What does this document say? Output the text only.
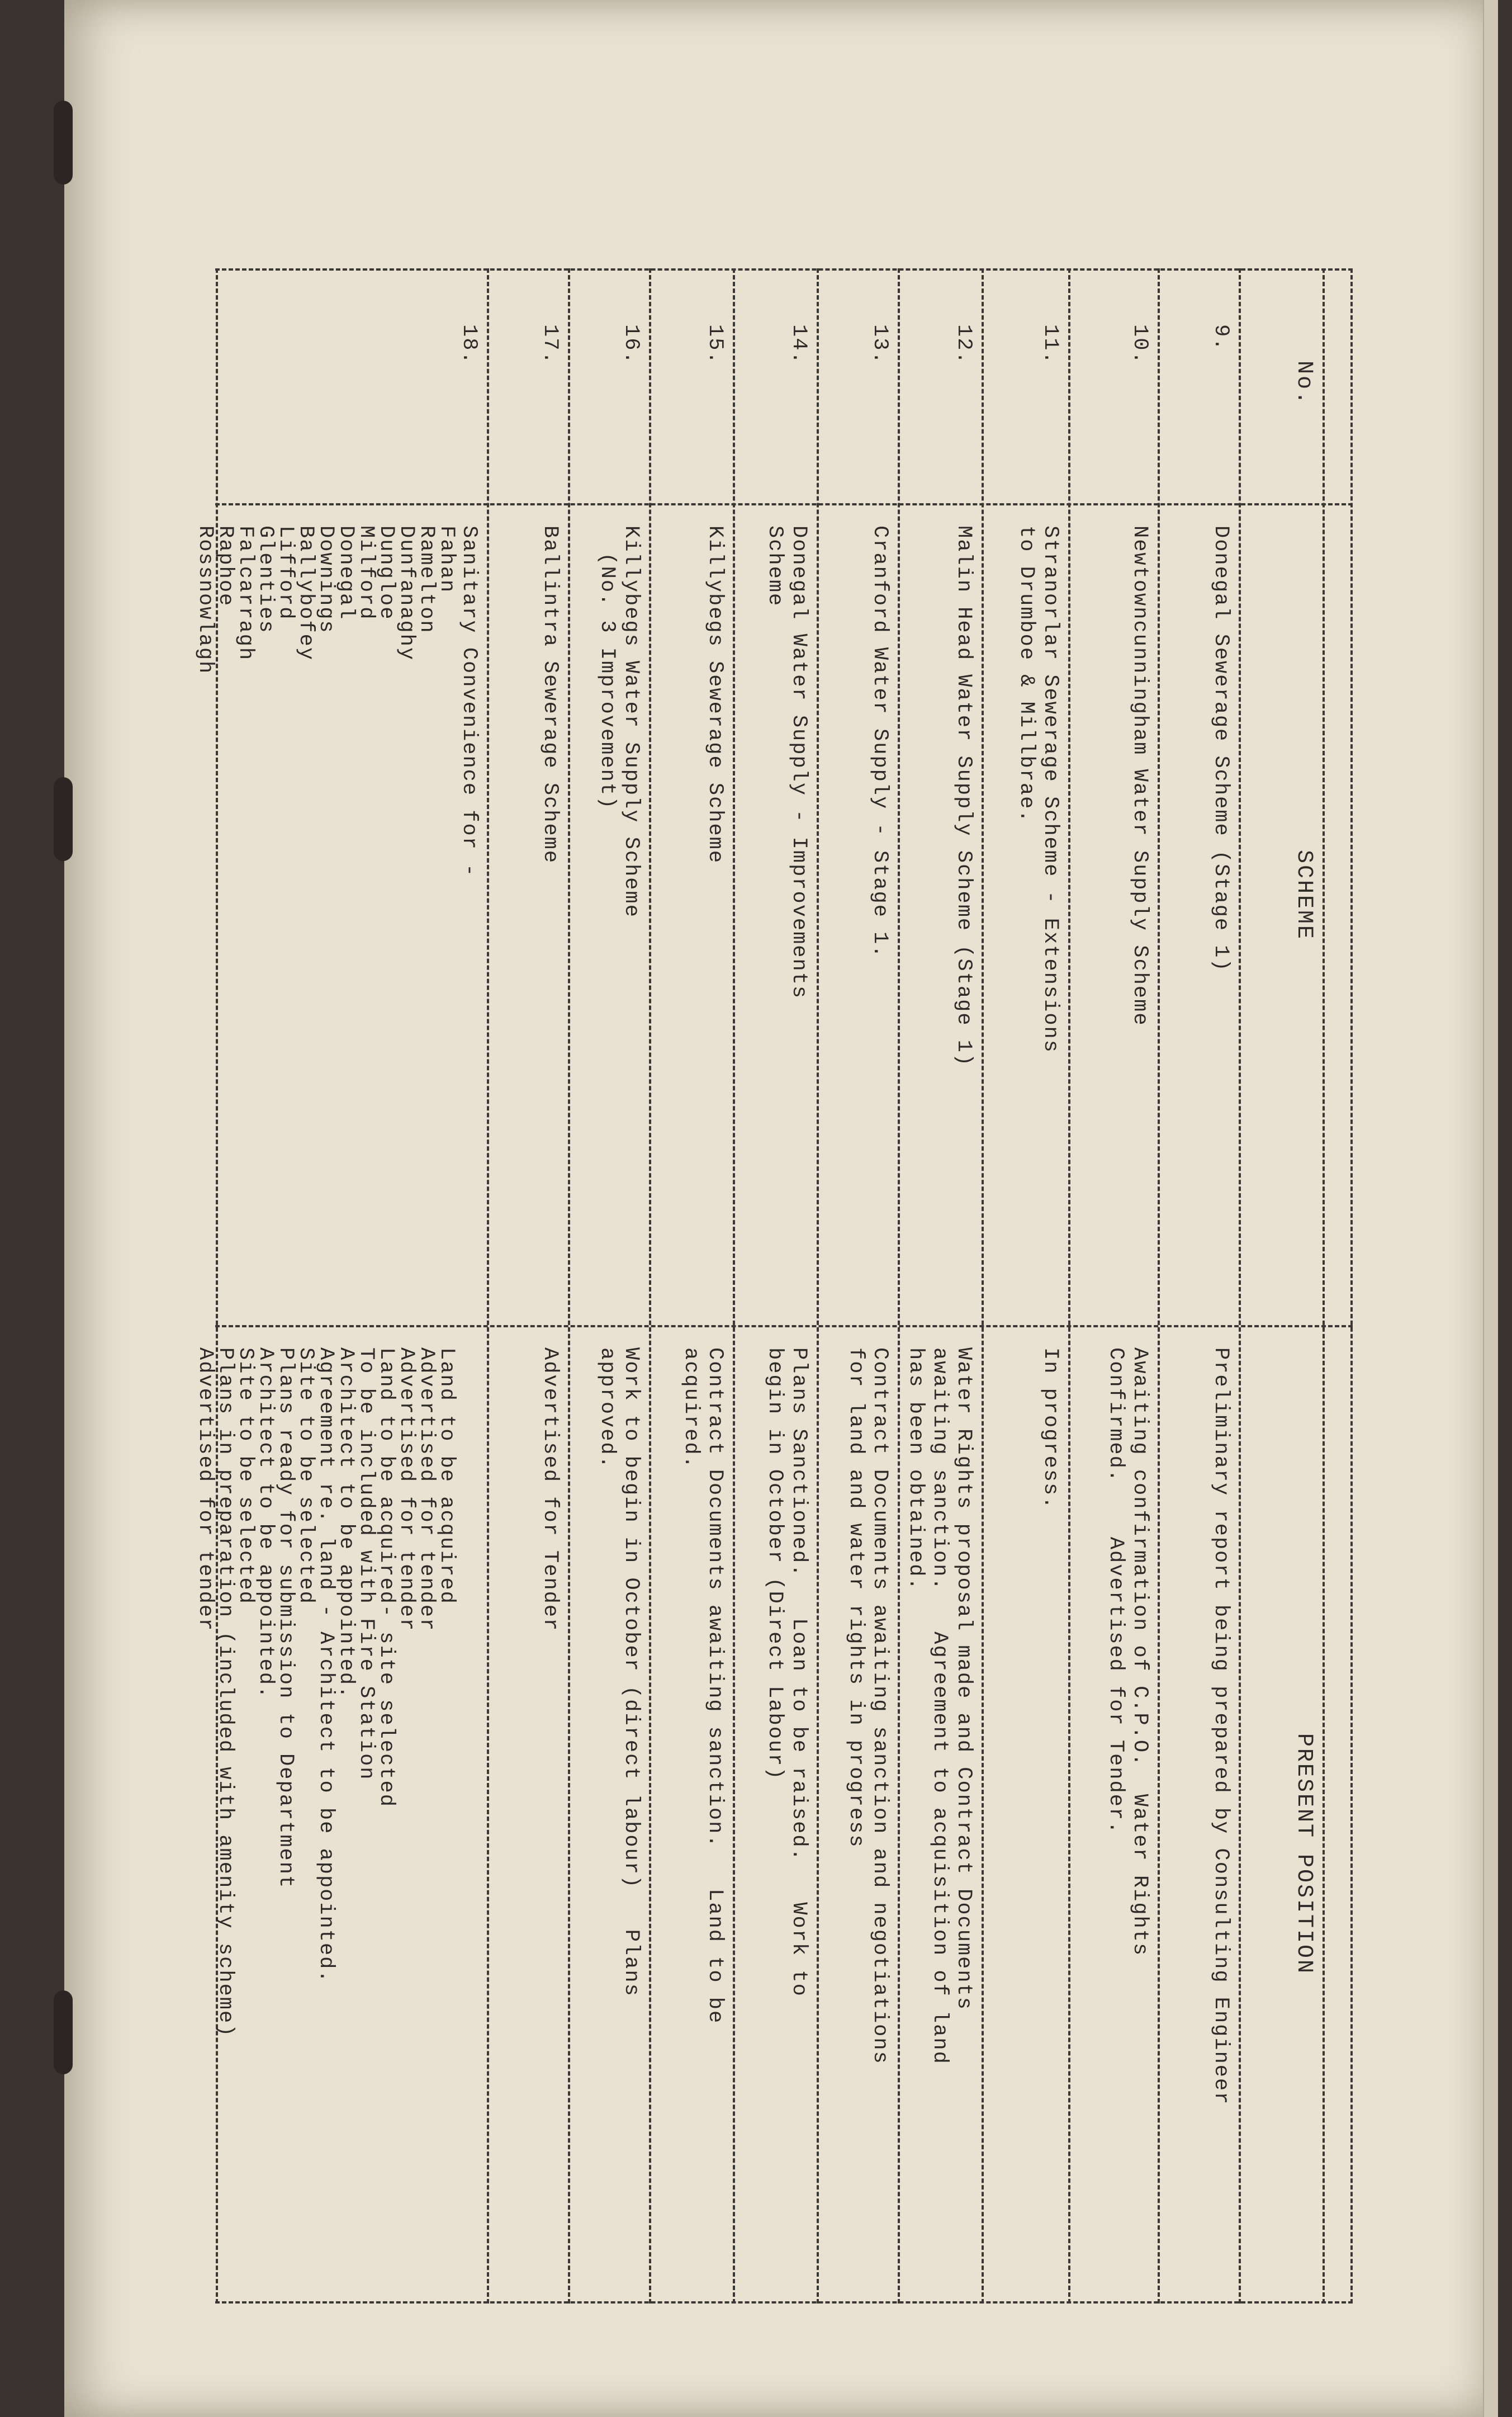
No.
SCHEME
PRESENT POSITION
9.
Donegal Sewerage Scheme (Stage 1)
Preliminary report being prepared by Consulting Engineer
10.
Newtowncunningham Water Supply Scheme
Awaiting confirmation of C.P.O.  Water Rights
Confirmed.    Advertised for Tender.
11.
Stranorlar Sewerage Scheme - Extensions
to Drumboe & Millbrae.
In progress.
12.
Malin Head Water Supply Scheme (Stage 1)
Water Rights proposal made and Contract Documents
awaiting sanction.   Agreement to acquisition of land
has been obtained.
13.
Cranford Water Supply - Stage 1.
Contract Documents awaiting sanction and negotiations
for land and water rights in progress
14.
Donegal Water Supply - Improvements
Scheme
Plans Sanctioned.   Loan to be raised.   Work to
begin in October (Direct Labour)
15.
Killybegs Sewerage Scheme
Contract Documents awaiting sanction.   Land to be
acquired.
16.
Killybegs Water Supply Scheme
(No. 3 Improvement)
Work to begin in October (direct labour)   Plans
approved.
17.
Ballintra Sewerage Scheme
Advertised for Tender
18.
Sanitary Convenience for -
Fahan
Land to be acquired
Ramelton
Advertised for tender
Dunfanaghy
Advertised for tender
Dungloe
Land to be acquired- site selected
Milford
To be included with Fire Station
Donegal
Architect to be appointed.
Downings
Agreement re. land - Architect to be appointed.
Ballybofey
Site to be selected
Lifford
Plans ready for submission to Department
Glenties
Architect to be appointed.
Falcarragh
Site to be selected
Raphoe
Plans in preparation (included with amenity scheme)
Rossnowlagh
Advertised for tender
